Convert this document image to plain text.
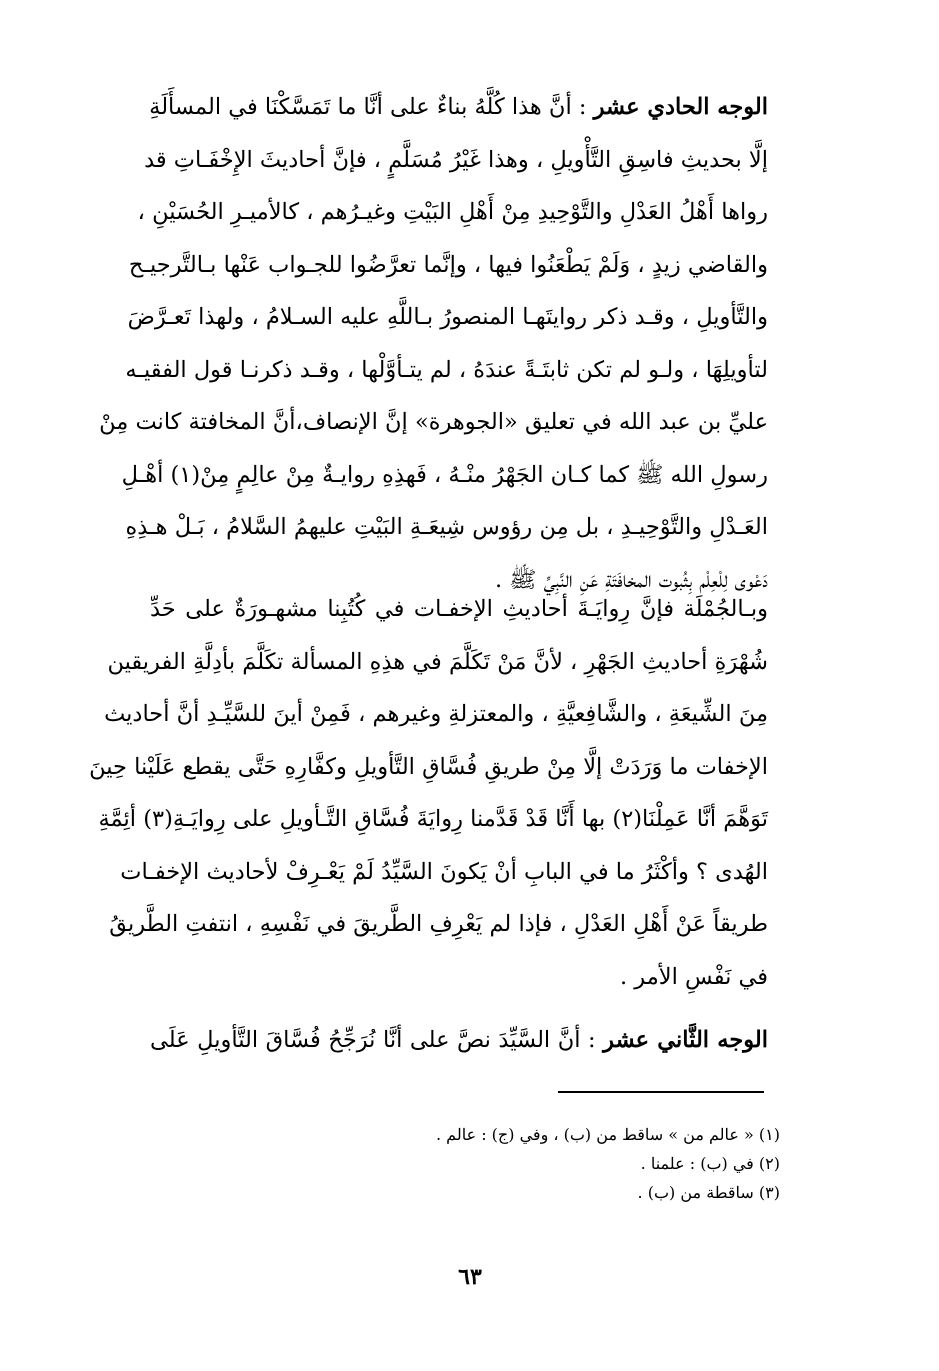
الوجه الحادي عشر : أنَّ هذا كُلَّهُ بناءٌ على أنَّا ما تَمَسَّكْنَا في المسأَلَةِ
إلَّا بحديثِ فاسِقِ التَّأْويلِ ، وهذا غَيْرُ مُسَلَّمٍ ، فإنَّ أحاديثَ الإِخْفَـاتِ قد
رواها أَهْلُ العَدْلِ والتَّوْحِيدِ مِنْ أَهْلِ البَيْتِ وغيـرُهم ، كالأميـرِ الحُسَيْنِ ،
والقاضي زيدٍ ، وَلَمْ يَطْعَنُوا فيها ، وإنَّما تعرَّضُوا للجـواب عَنْها بـالتَّرجيـح
والتَّأويلِ ، وقـد ذكر روايتَهـا المنصورُ بـاللَّهِ عليه السـلامُ ، ولهذا تَعـرَّضَ
لتأويلِهَا ، ولـو لم تكن ثابتَـةً عندَهُ ، لم يتـأوَّلْها ، وقـد ذكرنـا قول الفقيـه
عليِّ بن عبد الله في تعليق «الجوهرة» إنَّ الإنصاف،أنَّ المخافتة كانت مِنْ
رسولِ الله ﷺ كما كـان الجَهْرُ منْـهُ ، فَهذِهِ روايـةٌ مِنْ عالِمٍ مِنْ(١) أهْـلِ
العَـدْلِ والتَّوْحِيـدِ ، بل مِن رؤوس شِيعَـةِ البَيْتِ عليهمُ السَّلامُ ، بَـلْ هـذِهِ
دَعْوى لِلْعِلْم بِثُبوت المخافَتَةِ عَنِ النَّبِيِّ ﷺ .
وبـالجُمْلَة فإنَّ رِوايَـةَ أحاديثِ الإخفـات في كُتُبِنا مشهـورَةٌ على حَدِّ
شُهْرَةِ أحاديثِ الجَهْرِ ، لأنَّ مَنْ تَكَلَّمَ في هذِهِ المسألة تكَلَّمَ بأدِلَّةِ الفريقين
مِنَ الشِّيعَةِ ، والشَّافِعيَّةِ ، والمعتزلةِ وغيرهم ، فَمِنْ أينَ للسَّيِّـدِ أنَّ أحاديث
الإخفات ما وَرَدَتْ إلَّا مِنْ طريقِ فُسَّاقِ التَّأويلِ وكفَّارِهِ حَتَّى يقطع عَلَيْنا حِينَ
تَوَهَّمَ أنَّا عَمِلْنَا(٢) بها أَنَّا قَدْ قَدَّمنا رِوايَةَ فُسَّاقِ التَّـأويلِ على رِوايَـةِ(٣) أئِمَّةِ
الهُدى ؟ وأكْثَرُ ما في البابِ أنْ يَكونَ السَّيِّدُ لَمْ يَعْـرِفْ لأحاديث الإخفـات
طريقاً عَنْ أَهْلِ العَدْلِ ، فإذا لم يَعْرِفِ الطَّريقَ في نَفْسِهِ ، انتفتِ الطَّريقُ
في نَفْسِ الأمر .
الوجه الثَّاني عشر : أنَّ السَّيِّدَ نصَّ على أنَّا نُرَجِّحُ فُسَّاقَ التَّأويلِ عَلَى
(١) « عالم من » ساقط من (ب) ، وفي (ج) : عالم .
(٢) في (ب) : علمنا .
(٣) ساقطة من (ب) .
٦٣
